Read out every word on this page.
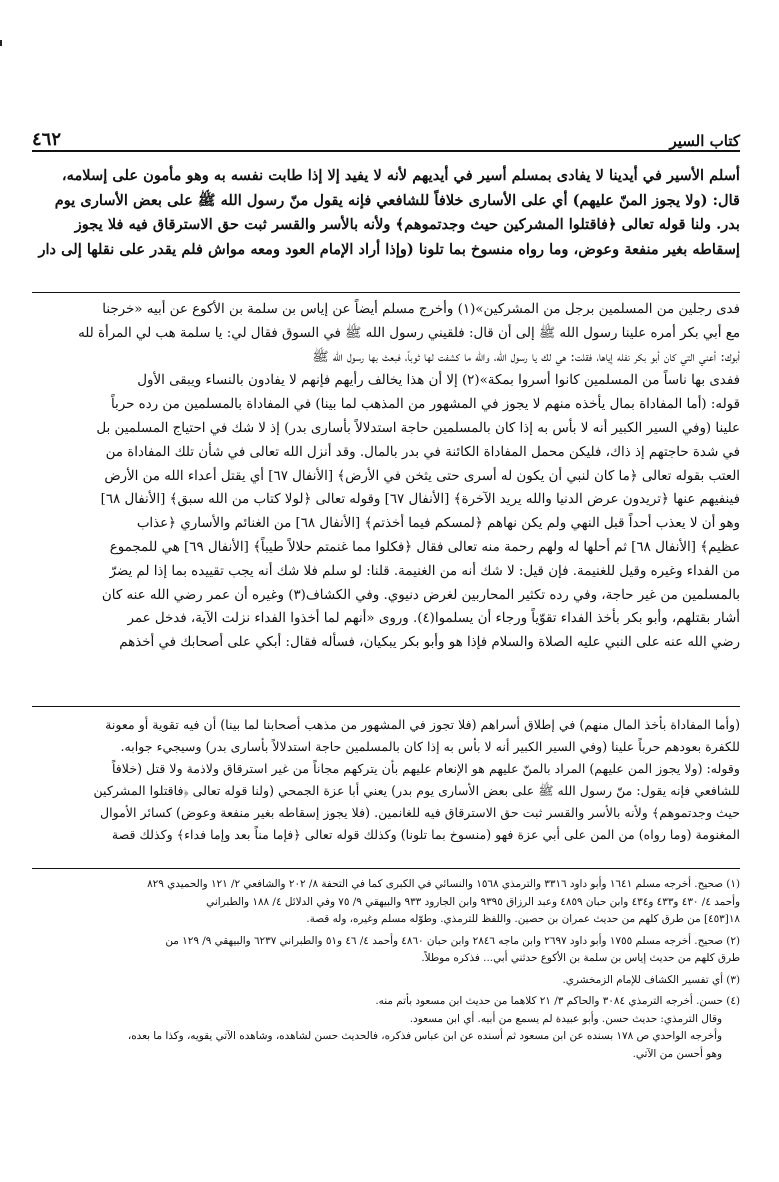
كتاب السير
٤٦٢
أسلم الأسير في أيدينا لا يفادى بمسلم أسير في أيديهم لأنه لا يفيد إلا إذا طابت نفسه به وهو مأمون على إسلامه،
قال: (ولا يجوز المنّ عليهم) أي على الأسارى خلافاً للشافعي فإنه يقول منّ رسول الله ﷺ على بعض الأسارى يوم
بدر. ولنا قوله تعالى ﴿فاقتلوا المشركين حيث وجدتموهم﴾ ولأنه بالأسر والقسر ثبت حق الاسترقاق فيه فلا يجوز
إسقاطه بغير منفعة وعوض، وما رواه منسوخ بما تلونا (وإذا أراد الإمام العود ومعه مواش فلم يقدر على نقلها إلى دار
فدى رجلين من المسلمين برجل من المشركين»(١) وأخرج مسلم أيضاً عن إياس بن سلمة بن الأكوع عن أبيه «خرجنا
مع أبي بكر أمره علينا رسول الله ﷺ إلى أن قال: فلقيني رسول الله ﷺ في السوق فقال لي: يا سلمة هب لي المرأة لله
أبوك: أعني التي كان أبو بكر نفله إياها، فقلت: هي لك يا رسول الله، والله ما كشفت لها ثوباً، فبعث بها رسول الله ﷺ
ففدى بها ناساً من المسلمين كانوا أسروا بمكة»(٢) إلا أن هذا يخالف رأيهم فإنهم لا يفادون بالنساء ويبقى الأول
قوله: (أما المفاداة بمال يأخذه منهم لا يجوز في المشهور من المذهب لما بينا) في المفاداة بالمسلمين من رده حرباً
علينا (وفي السير الكبير أنه لا بأس به إذا كان بالمسلمين حاجة استدلالاً بأسارى بدر) إذ لا شك في احتياج المسلمين بل
في شدة حاجتهم إذ ذاك، فليكن محمل المفاداة الكائنة في بدر بالمال. وقد أنزل الله تعالى في شأن تلك المفاداة من
العتب بقوله تعالى ﴿ما كان لنبي أن يكون له أسرى حتى يثخن في الأرض﴾ [الأنفال ٦٧] أي يقتل أعداء الله من الأرض
فينفيهم عنها ﴿تريدون عرض الدنيا والله يريد الآخرة﴾ [الأنفال ٦٧] وقوله تعالى ﴿لولا كتاب من الله سبق﴾ [الأنفال ٦٨]
وهو أن لا يعذب أحداً قبل النهي ولم يكن نهاهم ﴿لمسكم فيما أخذتم﴾ [الأنفال ٦٨] من الغنائم والأساري ﴿عذاب
عظيم﴾ [الأنفال ٦٨] ثم أحلها له ولهم رحمة منه تعالى فقال ﴿فكلوا مما غنمتم حلالاً طيباً﴾ [الأنفال ٦٩] هي للمجموع
من الفداء وغيره وقيل للغنيمة. فإن قيل: لا شك أنه من الغنيمة. قلنا: لو سلم فلا شك أنه يجب تقييده بما إذا لم يضرّ
بالمسلمين من غير حاجة، وفي رده تكثير المحاربين لغرض دنيوي. وفي الكشاف(٣) وغيره أن عمر رضي الله عنه كان
أشار بقتلهم، وأبو بكر بأخذ الفداء تقوّياً ورجاء أن يسلموا(٤). وروى «أنهم لما أخذوا الفداء نزلت الآية، فدخل عمر
رضي الله عنه على النبي عليه الصلاة والسلام فإذا هو وأبو بكر يبكيان، فسأله فقال: أبكي على أصحابك في أخذهم
(وأما المفاداة بأخذ المال منهم) في إطلاق أسراهم (فلا تجوز في المشهور من مذهب أصحابنا لما بينا) أن فيه تقوية أو معونة
للكفرة بعودهم حرباً علينا (وفي السير الكبير أنه لا بأس به إذا كان بالمسلمين حاجة استدلالاً بأسارى بدر) وسيجيء جوابه.
وقوله: (ولا يجوز المن عليهم) المراد بالمنّ عليهم هو الإنعام عليهم بأن يتركهم مجاناً من غير استرقاق ولاذمة ولا قتل (خلافاً
للشافعي فإنه يقول: منّ رسول الله ﷺ على بعض الأسارى يوم بدر) يعني أبا عزة الجمحي (ولنا قوله تعالى ﴿فاقتلوا المشركين
حيث وجدتموهم﴾ ولأنه بالأسر والقسر ثبت حق الاسترقاق فيه للغانمين. (فلا يجوز إسقاطه بغير منفعة وعوض) كسائر الأموال
المغنومة (وما رواه) من المن على أبي عزة فهو (منسوخ بما تلونا) وكذلك قوله تعالى ﴿فإما مناً بعد وإما فداء﴾ وكذلك قصة
(١) صحيح. أخرجه مسلم ١٦٤١ وأبو داود ٣٣١٦ والترمذي ١٥٦٨ والنسائي في الكبرى كما في التحفة ٨/ ٢٠٢ والشافعي ٢/ ١٢١ والحميدي ٨٢٩
وأحمد ٤/ ٤٣٠ و٤٣٣ و٤٣٤ وابن حبان ٤٨٥٩ وعبد الرزاق ٩٣٩٥ وابن الجارود ٩٣٣ والبيهقي ٩/ ٧٥ وفي الدلائل ٤/ ١٨٨ والطبراني
١٨[٤٥٣] من طرق كلهم من حديث عمران بن حصين. واللفظ للترمذي. وطوّله مسلم وغيره، وله قصة.
(٢) صحيح. أخرجه مسلم ١٧٥٥ وأبو داود ٢٦٩٧ وابن ماجه ٢٨٤٦ وابن حبان ٤٨٦٠ وأحمد ٤/ ٤٦ و٥١ والطبراني ٦٢٣٧ والبيهقي ٩/ ١٢٩ من
طرق كلهم من حديث إياس بن سلمة بن الأكوع حدثني أبي... فذكره موطلاً.
(٣) أي تفسير الكشاف للإمام الزمخشري.
(٤) حسن. أخرجه الترمذي ٣٠٨٤ والحاكم ٣/ ٢١ كلاهما من حديث ابن مسعود بأتم منه.
وقال الترمذي: حديث حسن. وأبو عبيدة لم يسمع من أبيه. أي ابن مسعود.
وأخرجه الواحدي ص ١٧٨ بسنده عن ابن مسعود ثم أسنده عن ابن عباس فذكره، فالحديث حسن لشاهده، وشاهده الآتي يقويه، وكذا ما بعده،
وهو أحسن من الآتي.
